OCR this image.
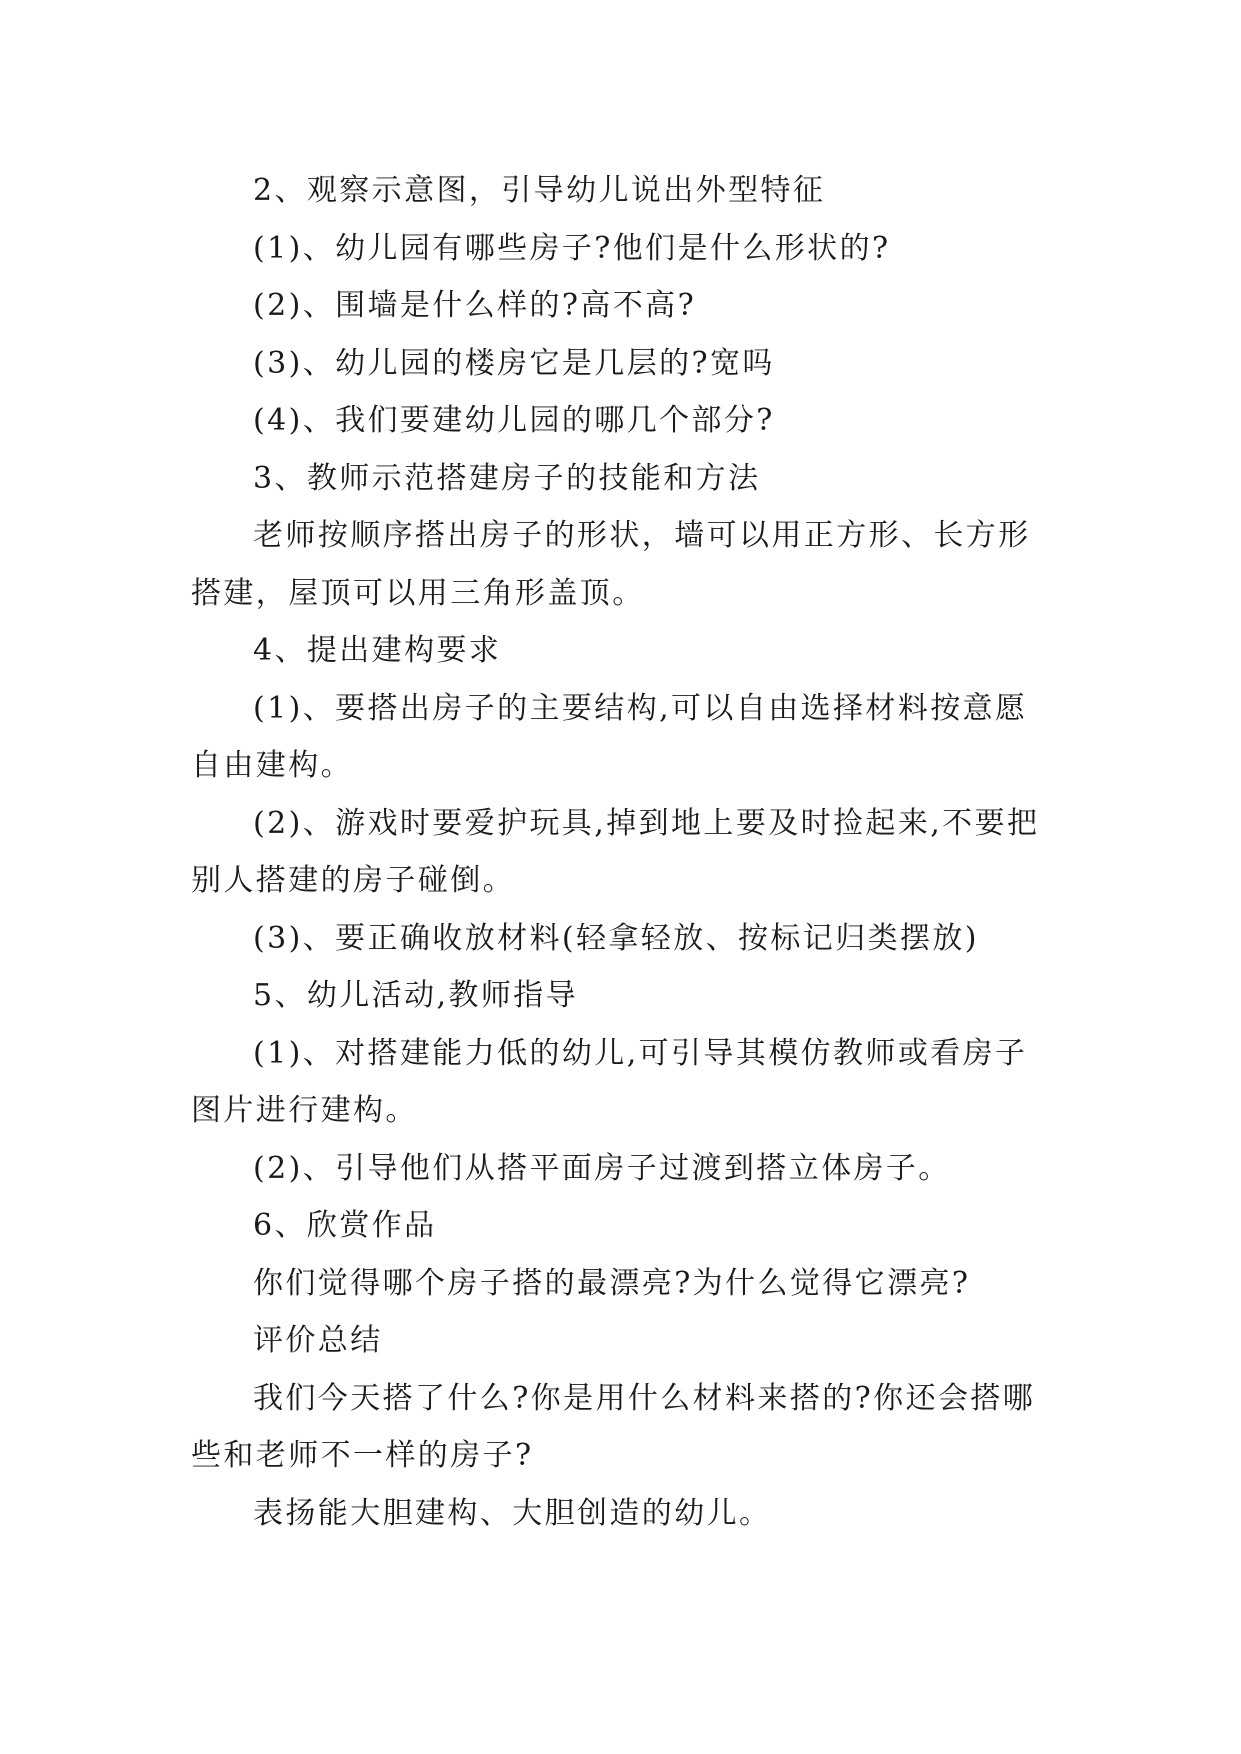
2、观察示意图，引导幼儿说出外型特征

(1)、幼儿园有哪些房子?他们是什么形状的?

(2)、围墙是什么样的?高不高?

(3)、幼儿园的楼房它是几层的?宽吗

(4)、我们要建幼儿园的哪几个部分?

3、教师示范搭建房子的技能和方法

老师按顺序搭出房子的形状，墙可以用正方形、长方形搭建，屋顶可以用三角形盖顶。

4、提出建构要求

(1)、要搭出房子的主要结构,可以自由选择材料按意愿自由建构。

(2)、游戏时要爱护玩具,掉到地上要及时捡起来,不要把别人搭建的房子碰倒。

(3)、要正确收放材料(轻拿轻放、按标记归类摆放)

5、幼儿活动,教师指导

(1)、对搭建能力低的幼儿,可引导其模仿教师或看房子图片进行建构。

(2)、引导他们从搭平面房子过渡到搭立体房子。

6、欣赏作品

你们觉得哪个房子搭的最漂亮?为什么觉得它漂亮?

评价总结

我们今天搭了什么?你是用什么材料来搭的?你还会搭哪些和老师不一样的房子?

表扬能大胆建构、大胆创造的幼儿。
